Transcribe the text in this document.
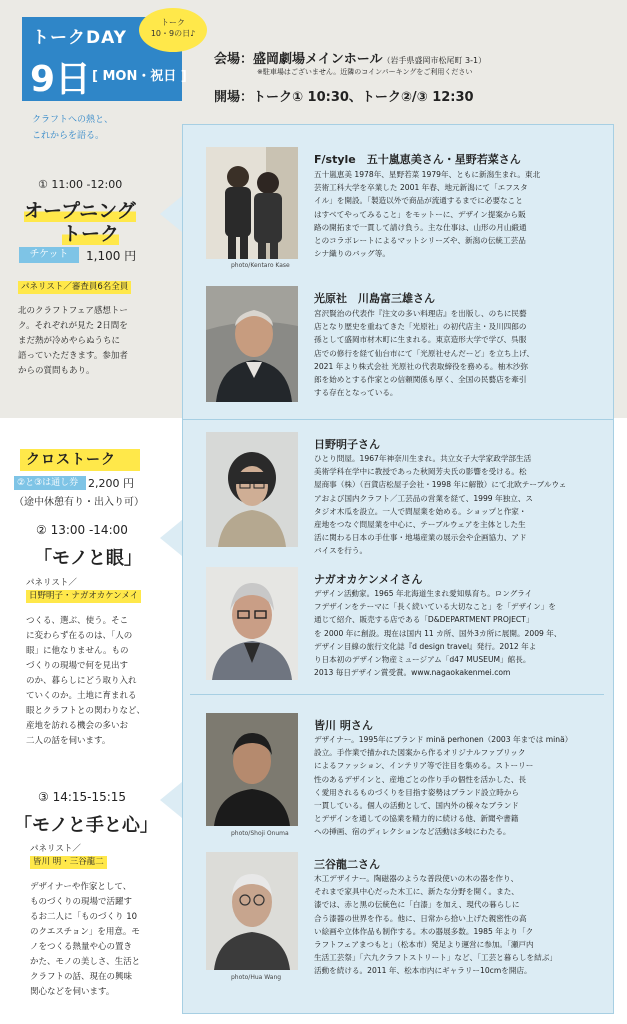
トークDAY
9日 [ MON・祝日 ]
トーク
10・9の日♪
会場：盛岡劇場メインホール（岩手県盛岡市松尾町 3-1）
※駐車場はございません。近隣のコインパーキングをご利用ください
開場：トーク① 10:30、トーク②/③ 12:30
クラフトへの熱と、
これからを語る。
① 11:00 -12:00
オープニング
トーク
チケット	1,100 円
パネリスト／審査員6名全員
北のクラフトフェア感想トー
ク。それぞれが見た 2日間を
まだ熱が冷めやらぬうちに
語っていただきます。参加者
からの質問もあり。
クロストーク
②と③は通し券 2,200 円
（途中休憩有り・出入り可）
② 13:00 -14:00
「モノと眼」
パネリスト／
日野明子・ナガオカケンメイ
つくる、選ぶ、使う。そこ
に変わらず在るのは、「人の
眼」に他なりません。もの
づくりの現場で何を見出す
のか、暮らしにどう取り入れ
ていくのか。土地に育まれる
眼とクラフトとの関わりなど、
産地を訪れる機会の多いお
二人の話を伺います。
③ 14:15-15:15
「モノと手と心」
パネリスト／
皆川 明・三谷龍二
デザイナーや作家として、
ものづくりの現場で活躍す
るお二人に「ものづくり 10
のクエスチョン」を用意。モ
ノをつくる熱量や心の置き
かた、モノの美しさ、生活と
クラフトの話、現在の興味
関心などを伺います。
photo/Kentaro Kase
F/style　五十嵐恵美さん・星野若菜さん
五十嵐恵美 1978年、星野若菜 1979年、ともに新潟生まれ。東北
芸術工科大学を卒業した 2001 年春、地元新潟にて「エフスタ
イル」を開設。「製造以外で商品が流通するまでに必要なこと
はすべてやってみること」をモットーに、デザイン提案から販
路の開拓まで一貫して請け負う。主な仕事は、山形の月山緞通
とのコラボレートによるマットシリーズや、新潟の伝統工芸品
シナ織りのバッグ等。
光原社　川島富三雄さん
宮沢賢治の代表作『注文の多い料理店』を出版し、のちに民藝
店となり歴史を重ねてきた「光原社」の初代店主・及川四郎の
孫として盛岡市材木町に生まれる。東京造形大学で学び、呉服
店での修行を経て仙台市にて「光原社せんだーど」を立ち上げ、
2021 年より株式会社 光原社の代表取締役を務める。柚木沙弥
郎を始めとする作家との信頼関係も厚く、全国の民藝店を牽引
する存在となっている。
日野明子さん
ひとり問屋。1967年神奈川生まれ。共立女子大学家政学部生活
美術学科在学中に教授であった秋岡芳夫氏の影響を受ける。松
屋商事（株）（百貨店松屋子会社・1998 年に解散）にて北欧テーブルウェ
アおよび国内クラフト／工芸品の営業を経て、1999 年独立、ス
タジオ木瓜を設立。一人で問屋業を始める。ショップと作家・
産地をつなぐ問屋業を中心に、テーブルウェアを主体とした生
活に関わる日本の手仕事・地場産業の展示会や企画協力、アド
バイスを行う。
ナガオカケンメイさん
デザイン活動家。1965 年北海道生まれ愛知県育ち。ロングライ
フデザインをテーマに「長く続いている大切なこと」を「デザイン」を
通じて紹介、販売する店である「D&DEPARTMENT PROJECT」
を 2000 年に創設。現在は国内 11 カ所、国外3カ所に展開。2009 年、
デザイン目線の旅行文化誌『d design travel』発行。2012 年よ
り日本初のデザイン物産ミュージアム「d47 MUSEUM」館長。
2013 毎日デザイン賞受賞。www.nagaokakenmei.com
photo/Shoji Onuma
皆川 明さん
デザイナー。1995年にブランド minä perhonen（2003 年までは minä）
設立。手作業で描かれた図案から作るオリジナルファブリック
によるファッション、インテリア等で注目を集める。ストーリー
性のあるデザインと、産地ごとの作り手の個性を活かした、長
く愛用されるものづくりを目指す姿勢はブランド設立時から
一貫している。個人の活動として、国内外の様々なブランド
とデザインを通しての協業を精力的に続ける他、新聞や書籍
への挿画、宿のディレクションなど活動は多岐にわたる。
photo/Hua Wang
三谷龍二さん
木工デザイナー。陶磁器のような普段使いの木の器を作り、
それまで家具中心だった木工に、新たな分野を開く。また、
漆では、赤と黒の伝統色に「白漆」を加え、現代の暮らしに
合う漆器の世界を作る。他に、日常から拾い上げた親密性の高
い絵画や立体作品も制作する。木の器展多数。1985 年より「ク
ラフトフェアまつもと」（松本市）発足より運営に参加。「瀬戸内
生活工芸祭」「六九クラフトストリート」など、「工芸と暮らしを結ぶ」
活動を続ける。2011 年、松本市内にギャラリー10cmを開店。
